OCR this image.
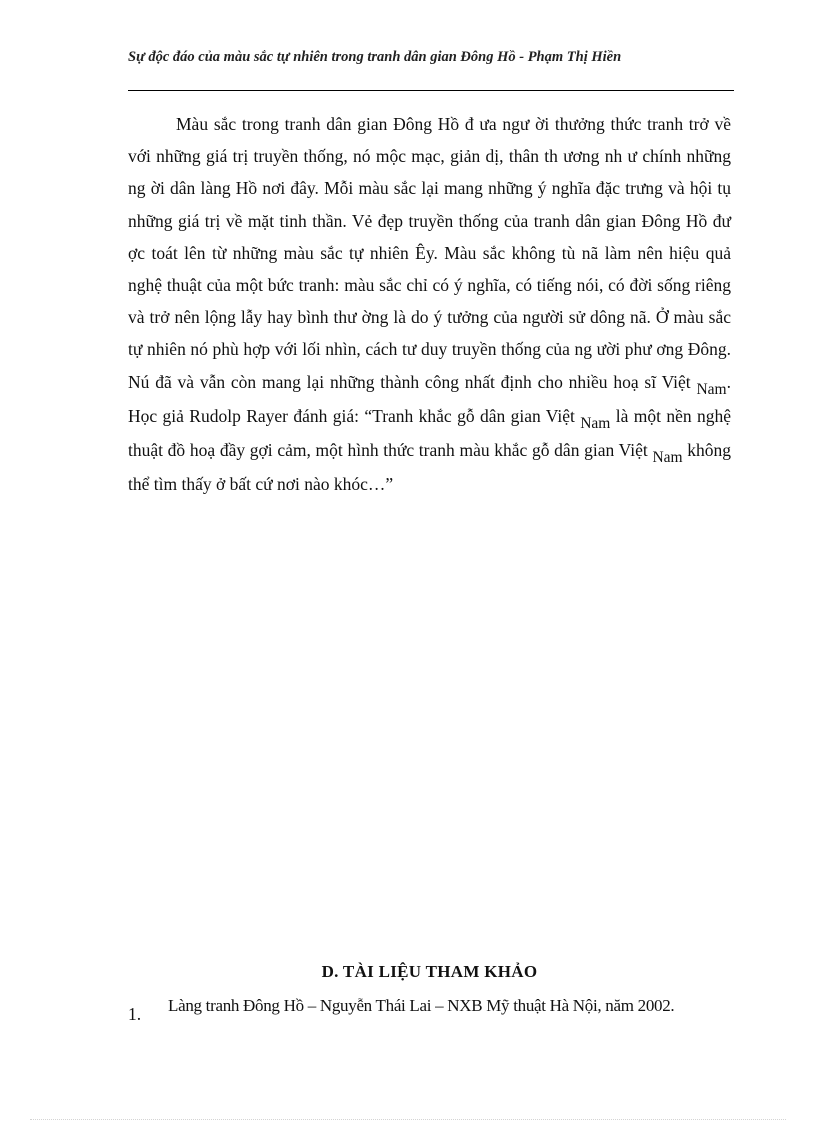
Sự độc đáo của màu sắc tự nhiên trong tranh dân gian Đông Hồ - Phạm Thị Hiền
Màu sắc trong tranh dân gian Đông Hồ đ ưa ngư ời thưởng thức tranh trở về với những giá trị truyền thống, nó mộc mạc, giản dị, thân th ương nh ư chính những ng ời dân làng Hồ nơi đây. Mỗi màu sắc lại mang những ý nghĩa đặc trưng và hội tụ những giá trị về mặt tinh thần. Vẻ đẹp truyền thống của tranh dân gian Đông Hồ đư ợc toát lên từ những màu sắc tự nhiên Êy. Màu sắc không tù nã làm nên hiệu quả nghệ thuật của một bức tranh: màu sắc chỉ có ý nghĩa, có tiếng nói, có đời sống riêng và trở nên lộng lẫy hay bình thư ờng là do ý tưởng của người sử dông nã. Ở màu sắc tự nhiên nó phù hợp với lối nhìn, cách tư duy truyền thống của ng ười phư ơng Đông. Nú đã và vẫn còn mang lại những thành công nhất định cho nhiều hoạ sĩ Việt Nam. Học giả Rudolp Rayer đánh giá: “Tranh khắc gỗ dân gian Việt Nam là một nền nghệ thuật đồ hoạ đầy gợi cảm, một hình thức tranh màu khắc gỗ dân gian Việt Nam không thể tìm thấy ở bất cứ nơi nào khóc…”
D. TÀI LIỆU THAM KHẢO
1. Làng tranh Đông Hồ – Nguyễn Thái Lai – NXB Mỹ thuật Hà Nội, năm 2002.
